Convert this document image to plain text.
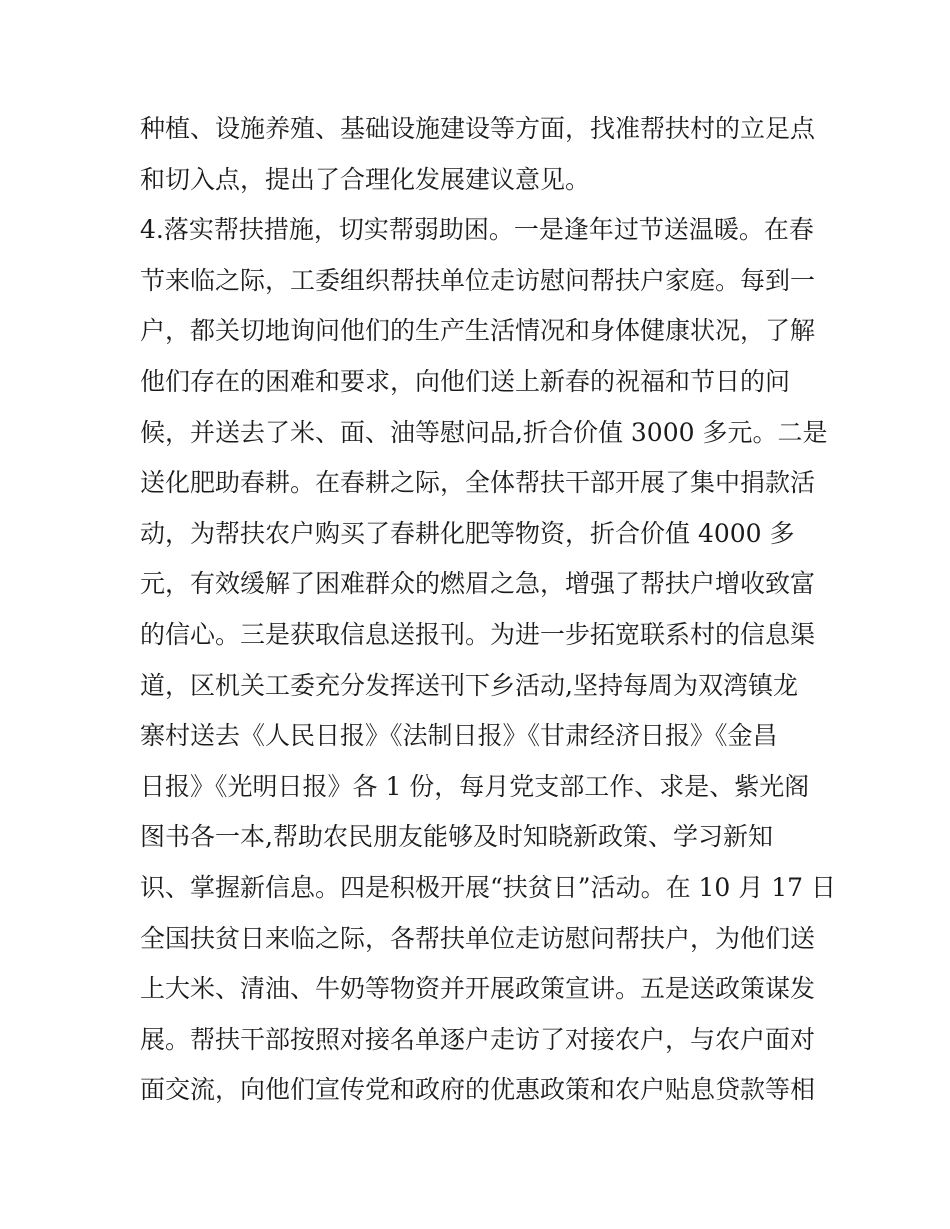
种植、设施养殖、基础设施建设等方面，找准帮扶村的立足点
和切入点，提出了合理化发展建议意见。
4.落实帮扶措施，切实帮弱助困。一是逢年过节送温暖。在春
节来临之际，工委组织帮扶单位走访慰问帮扶户家庭。每到一
户，都关切地询问他们的生产生活情况和身体健康状况，了解
他们存在的困难和要求，向他们送上新春的祝福和节日的问
候，并送去了米、面、油等慰问品,折合价值 3000 多元。二是
送化肥助春耕。在春耕之际，全体帮扶干部开展了集中捐款活
动，为帮扶农户购买了春耕化肥等物资，折合价值 4000 多
元，有效缓解了困难群众的燃眉之急，增强了帮扶户增收致富
的信心。三是获取信息送报刊。为进一步拓宽联系村的信息渠
道，区机关工委充分发挥送刊下乡活动,坚持每周为双湾镇龙
寨村送去《人民日报》《法制日报》《甘肃经济日报》《金昌
日报》《光明日报》各 1 份，每月党支部工作、求是、紫光阁
图书各一本,帮助农民朋友能够及时知晓新政策、学习新知
识、掌握新信息。四是积极开展“扶贫日”活动。在 10 月 17 日
全国扶贫日来临之际，各帮扶单位走访慰问帮扶户，为他们送
上大米、清油、牛奶等物资并开展政策宣讲。五是送政策谋发
展。帮扶干部按照对接名单逐户走访了对接农户，与农户面对
面交流，向他们宣传党和政府的优惠政策和农户贴息贷款等相
